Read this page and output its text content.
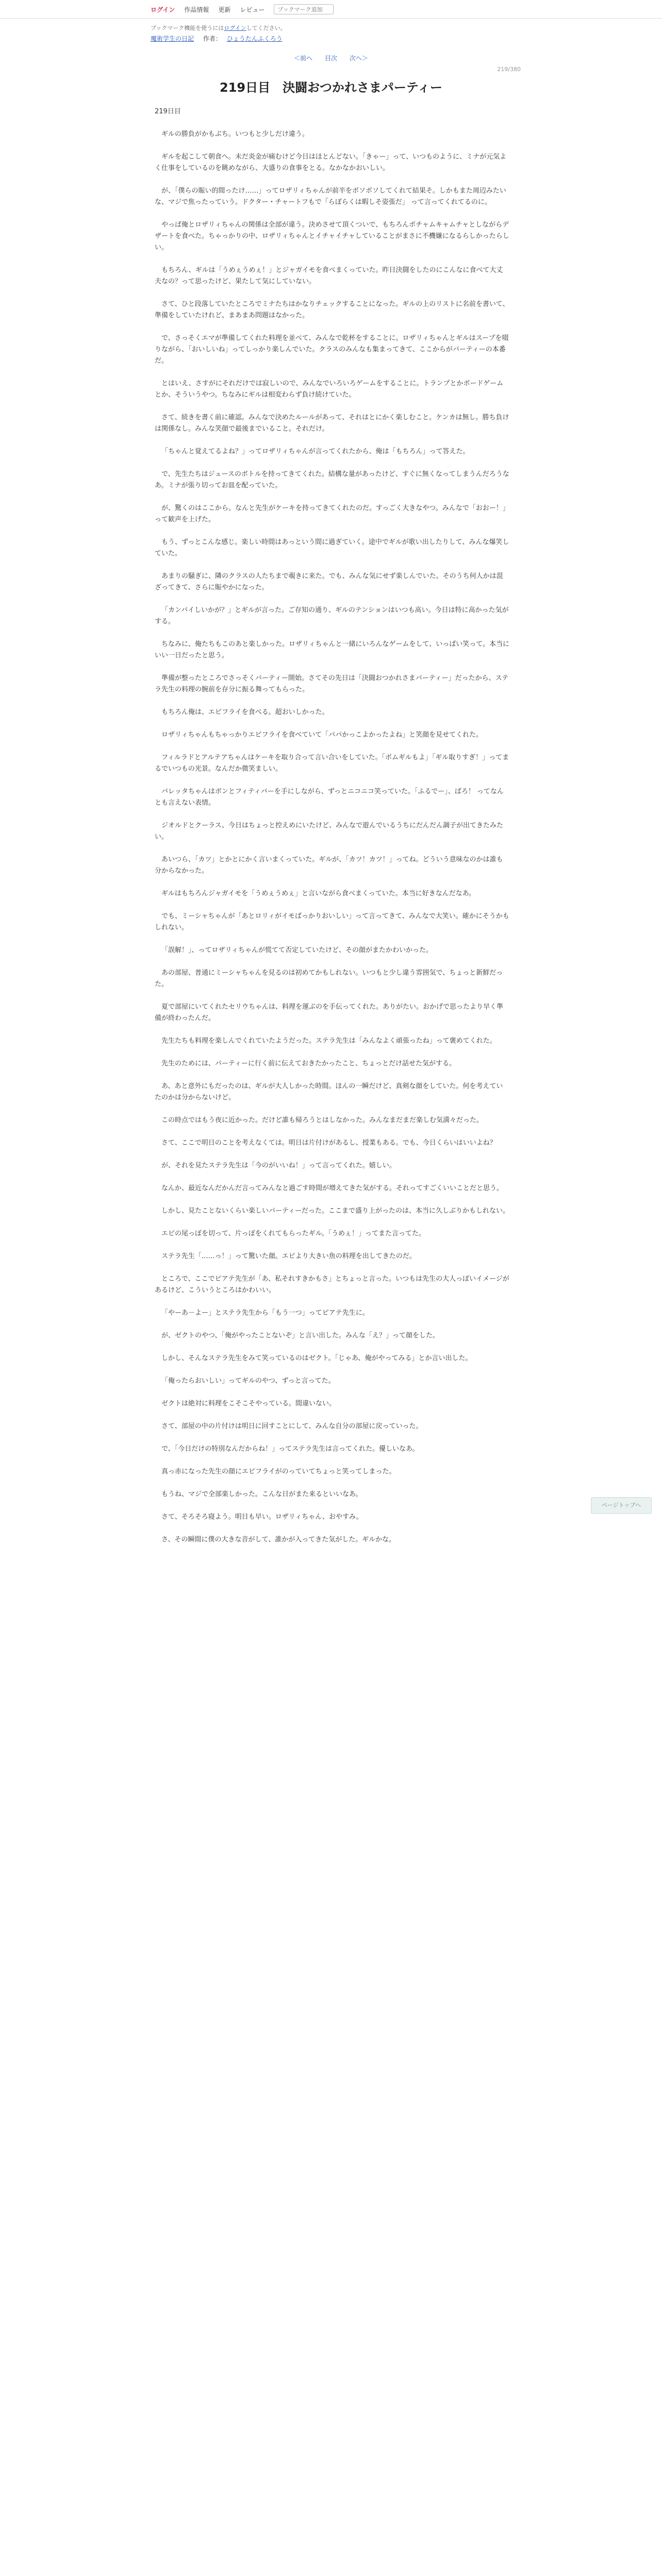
ログイン 作品情報 更新 レビュー
ブックマーク追加
ブックマーク機能を使うにはログインしてください。
魔術学生の日記 作者： ひょうたんふくろう
＜前へ 目次 次へ＞
219/380
219日目　決闘おつかれさまパーティー

219日目

ギルの勝負がかもぶち。いつもと少しだけ違う。

ギルを起こして朝食へ。未だ炎金が痛むけど今日はほとんどない。「きゃー」って、いつものように、ミナが元気よく仕事をしているのを眺めながら、大盛りの食事をとる。なかなかおいしい。

が、「僕らの賑い的間ったけ……」ってロザリィちゃんが前半をボソボソしてくれて結果そ。しかもまた周辺みたいな、マジで焦ったっていう。ドクター・チャートフもで「らぼらくは暇しそ姿張だ」 って言ってくれてるのに。

やっぱ俺とロザリィちゃんの関係は全部が違う。決めさせて頂くついで、もちろんポチャムキャムチャとしながらデザートを食べた。ちゃっかりの中、ロザリィちゃんとイチャイチャしていることがまさに不機嫌になるらしかったらしい。

もちろん、ギルは「うめぇうめぇ！」とジャガイモを食べまくっていた。昨日決闘をしたのにこんなに食べて大丈夫なの？って思ったけど、果たして気にしていない。

さて、ひと段落していたところでミナたちはかなりチェックすることになった。ギルの上のリストに名前を書いて、準備をしていたけれど、まあまあ問題はなかった。

で、さっそくエマが準備してくれた料理を並べて、みんなで乾杯をすることに。ロザリィちゃんとギルはスープを啜りながら、「おいしいね」ってしっかり楽しんでいた。クラスのみんなも集まってきて、ここからがパーティーの本番だ。

とはいえ、さすがにそれだけでは寂しいので、みんなでいろいろゲームをすることに。トランプとかボードゲームとか、そういうやつ。ちなみにギルは相変わらず負け続けていた。

さて、続きを書く前に確認。みんなで決めたルールがあって、それはとにかく楽しむこと。ケンカは無し。勝ち負けは関係なし。みんな笑顔で最後までいること。それだけ。

「ちゃんと覚えてるよね？」ってロザリィちゃんが言ってくれたから、俺は「もちろん」って答えた。

で、先生たちはジュースのボトルを持ってきてくれた。結構な量があったけど、すぐに無くなってしまうんだろうなあ。ミナが張り切ってお皿を配っていた。

が、驚くのはここから。なんと先生がケーキを持ってきてくれたのだ。すっごく大きなやつ。みんなで「おおー！」って歓声を上げた。

もう、ずっとこんな感じ。楽しい時間はあっという間に過ぎていく。途中でギルが歌い出したりして、みんな爆笑していた。

あまりの騒ぎに、隣のクラスの人たちまで覗きに来た。でも、みんな気にせず楽しんでいた。そのうち何人かは混ざってきて、さらに賑やかになった。

「カンパイしいかが？」とギルが言った。ご存知の通り、ギルのテンションはいつも高い。今日は特に高かった気がする。

ちなみに、俺たちもこのあと楽しかった。ロザリィちゃんと一緒にいろんなゲームをして、いっぱい笑って。本当にいい一日だったと思う。

準備が整ったところでさっそくパーティー開始。さてその先日は「決闘おつかれさまパーティー」だったから、ステラ先生の料理の腕前を存分に振る舞ってもらった。

もちろん俺は、エビフライを食べる。超おいしかった。

ロザリィちゃんもちゃっかりエビフライを食べていて「パパかっこよかったよね」と笑顔を見せてくれた。

フィルラドとアルテアちゃんはケーキを取り合って言い合いをしていた。「ポムギルもよ」「ギル取りすぎ！」ってまるでいつもの光景。なんだか微笑ましい。

バレッタちゃんはボンとフィティバーを手にしながら、ずっとニコニコ笑っていた。「ふるでー」、ばろ！ ってなんとも言えない表情。

ジオルドとクーラス、今日はちょっと控えめにいたけど、みんなで遊んでいるうちにだんだん調子が出てきたみたい。

あいつら、「カツ」とかとにかく言いまくっていた。ギルが、「カツ！カツ！」ってね。どういう意味なのかは誰も分からなかった。

ギルはもちろんジャガイモを「うめぇうめぇ」と言いながら食べまくっていた。本当に好きなんだなあ。

でも、ミーシャちゃんが「あとロリィがイモばっかりおいしい」って言ってきて、みんなで大笑い。確かにそうかもしれない。

「誤解！」、ってロザリィちゃんが慌てて否定していたけど、その顔がまたかわいかった。

あの部屋、普通にミーシャちゃんを見るのは初めてかもしれない。いつもと少し違う雰囲気で、ちょっと新鮮だった。

夏で部屋にいてくれたセリウちゃんは、料理を運ぶのを手伝ってくれた。ありがたい。おかげで思ったより早く準備が終わったんだ。

先生たちも料理を楽しんでくれていたようだった。ステラ先生は「みんなよく頑張ったね」って褒めてくれた。

先生のためには、パーティーに行く前に伝えておきたかったこと、ちょっとだけ話せた気がする。

あ、あと意外にもだったのは、ギルが大人しかった時間。ほんの一瞬だけど、真剣な顔をしていた。何を考えていたのかは分からないけど。

この時点ではもう夜に近かった。だけど誰も帰ろうとはしなかった。みんなまだまだ楽しむ気満々だった。

さて、ここで明日のことを考えなくては。明日は片付けがあるし、授業もある。でも、今日くらいはいいよね？

が、それを見たステラ先生は「今のがいいね！」って言ってくれた。嬉しい。

なんか、最近なんだかんだ言ってみんなと過ごす時間が増えてきた気がする。それってすごくいいことだと思う。

しかし、見たことないくらい楽しいパーティーだった。ここまで盛り上がったのは、本当に久しぶりかもしれない。

エビの尾っぽを切って、片っぽをくれてもらったギル。「うめぇ！」ってまた言ってた。

ステラ先生「……っ！」って驚いた顔。エビより大きい魚の料理を出してきたのだ。

ところで、ここでピアテ先生が「あ、私それすきかもさ」とちょっと言った。いつもは先生の大人っぽいイメージがあるけど、こういうところはかわいい。

「やーあ－よー」とステラ先生から「もう一つ」ってピアテ先生に。

が、ゼクトのやつ、「俺がやったことないぞ」と言い出した。みんな「え？」って顔をした。

しかし、そんなステラ先生をみて笑っているのはゼクト。「じゃあ、俺がやってみる」とか言い出した。

「俺ったらおいしい」ってギルのやつ、ずっと言ってた。

ゼクトは絶対に料理をこそこそやっている。間違いない。

さて、部屋の中の片付けは明日に回すことにして、みんな自分の部屋に戻っていった。

で、「今日だけの特別なんだからね！」ってステラ先生は言ってくれた。優しいなあ。

真っ赤になった先生の顔にエビフライがのっていてちょっと笑ってしまった。

もうね、マジで全部楽しかった。こんな日がまた来るといいなあ。

さて、そろそろ寝よう。明日も早い。ロザリィちゃん、おやすみ。

さ、その瞬間に僕の大きな音がして、誰かが入ってきた気がした。ギルかな。

ページトップへ
